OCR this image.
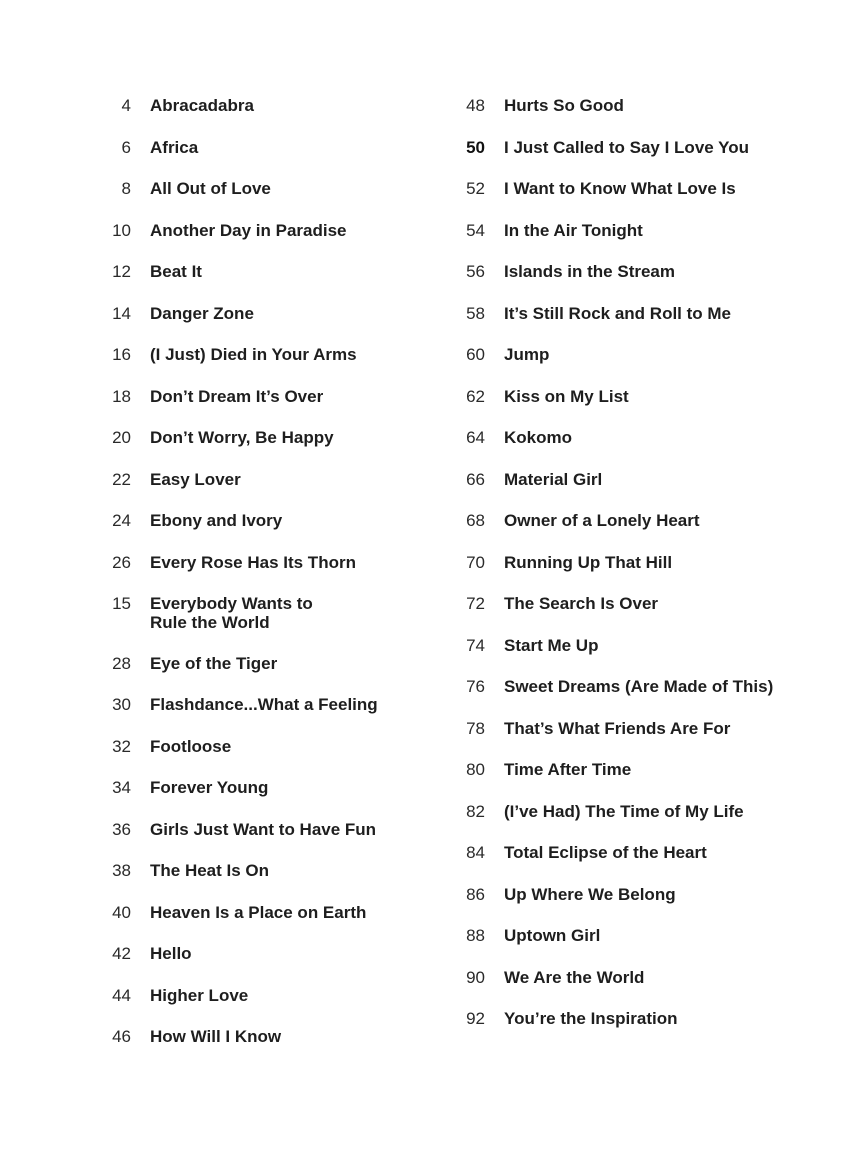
4 Abracadabra
6 Africa
8 All Out of Love
10 Another Day in Paradise
12 Beat It
14 Danger Zone
16 (I Just) Died in Your Arms
18 Don’t Dream It’s Over
20 Don’t Worry, Be Happy
22 Easy Lover
24 Ebony and Ivory
26 Every Rose Has Its Thorn
15 Everybody Wants to
Rule the World
28 Eye of the Tiger
30 Flashdance...What a Feeling
32 Footloose
34 Forever Young
36 Girls Just Want to Have Fun
38 The Heat Is On
40 Heaven Is a Place on Earth
42 Hello
44 Higher Love
46 How Will I Know
48 Hurts So Good
50 I Just Called to Say I Love You
52 I Want to Know What Love Is
54 In the Air Tonight
56 Islands in the Stream
58 It’s Still Rock and Roll to Me
60 Jump
62 Kiss on My List
64 Kokomo
66 Material Girl
68 Owner of a Lonely Heart
70 Running Up That Hill
72 The Search Is Over
74 Start Me Up
76 Sweet Dreams (Are Made of This)
78 That’s What Friends Are For
80 Time After Time
82 (I’ve Had) The Time of My Life
84 Total Eclipse of the Heart
86 Up Where We Belong
88 Uptown Girl
90 We Are the World
92 You’re the Inspiration
